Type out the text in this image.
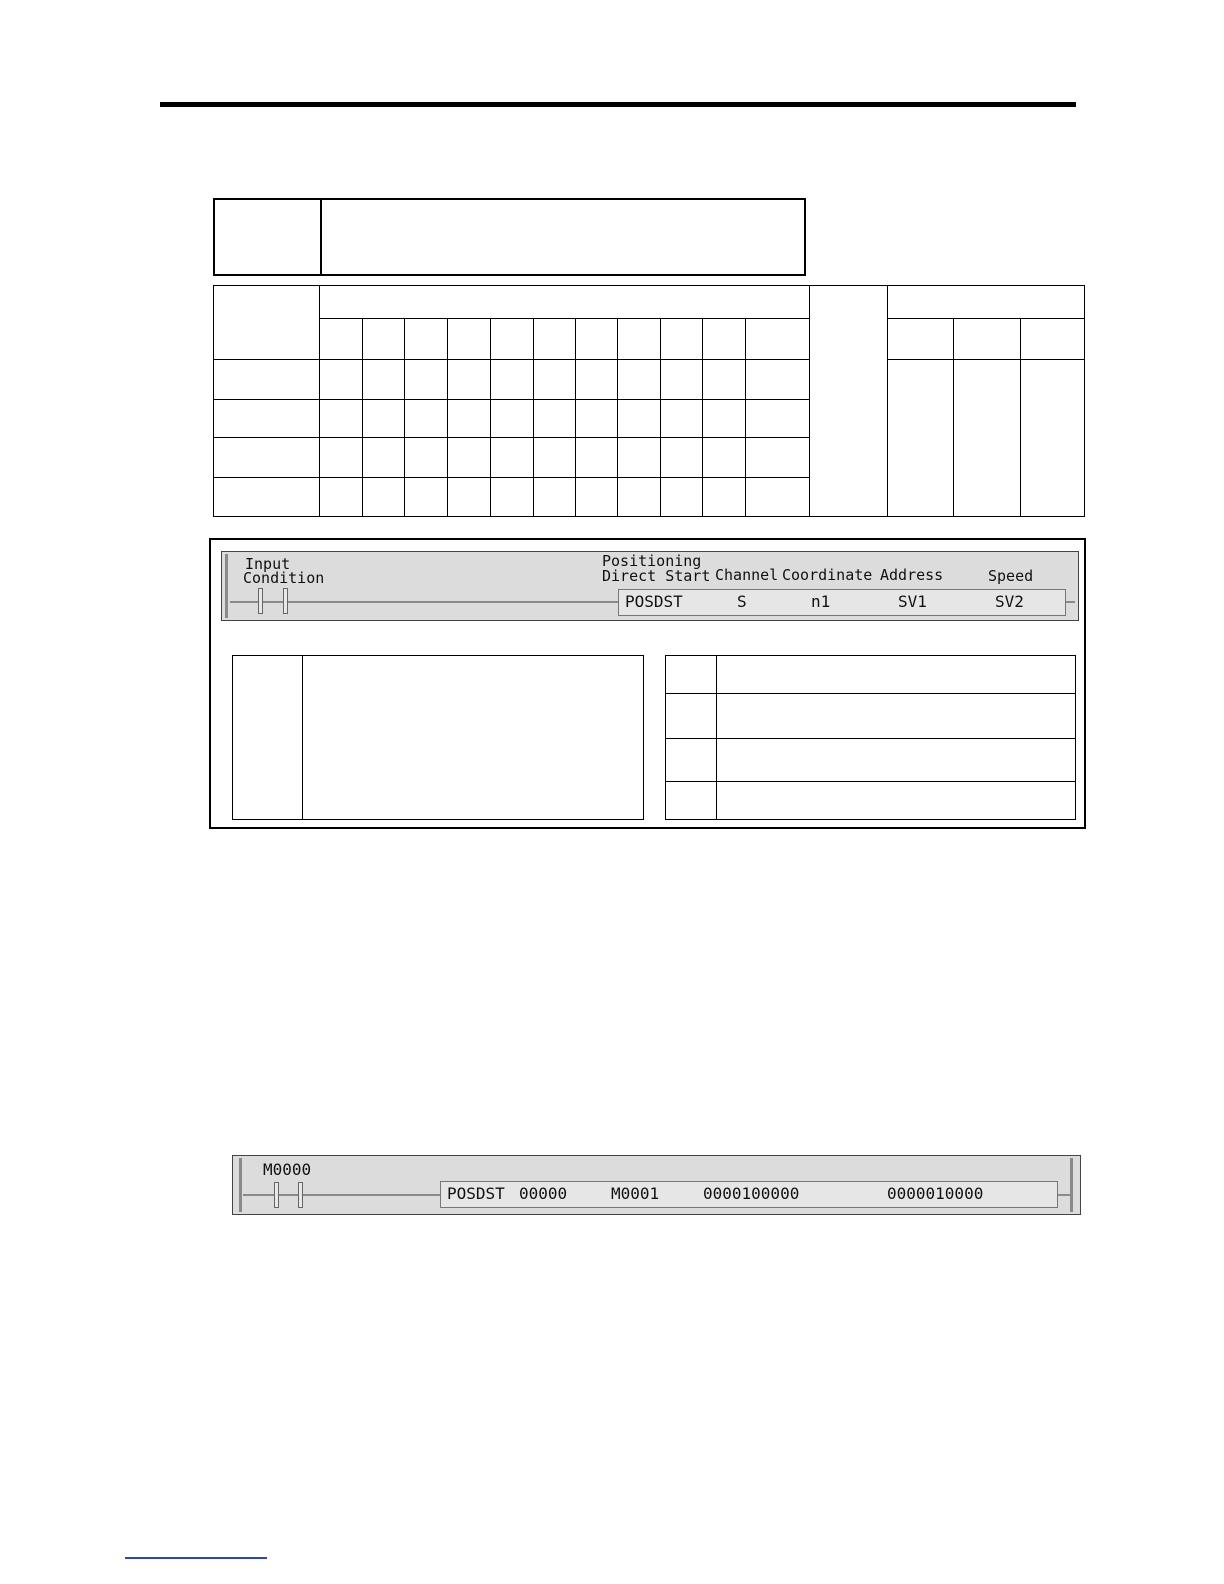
Input
Condition
Positioning
Direct Start Channel Coordinate Address	Speed
POSDST	S	n1	SV1	SV2
M0000
POSDST 00000	M0001	0000100000	0000010000
